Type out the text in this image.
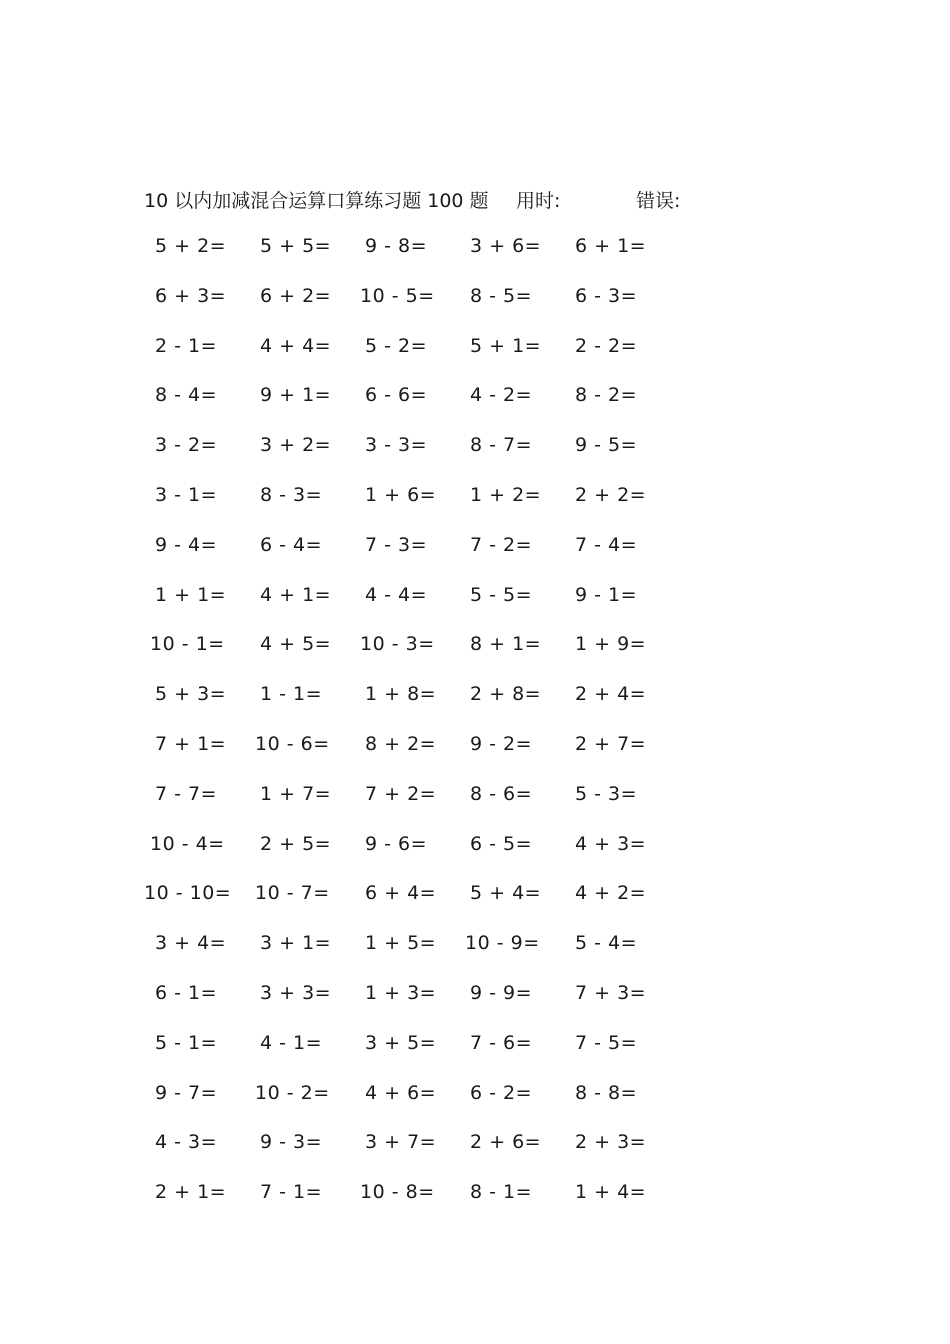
10 以内加减混合运算口算练习题 100 题 用时:	错误:
5 + 2=	5 + 5=	9 - 8=	3 + 6=	6 + 1=
6 + 3=	6 + 2=	10 - 5=	8 - 5=	6 - 3=
2 - 1=	4 + 4=	5 - 2=	5 + 1=	2 - 2=
8 - 4=	9 + 1=	6 - 6=	4 - 2=	8 - 2=
3 - 2=	3 + 2=	3 - 3=	8 - 7=	9 - 5=
3 - 1=	8 - 3=	1 + 6=	1 + 2=	2 + 2=
9 - 4=	6 - 4=	7 - 3=	7 - 2=	7 - 4=
1 + 1=	4 + 1=	4 - 4=	5 - 5=	9 - 1=
10 - 1=	4 + 5=	10 - 3=	8 + 1=	1 + 9=
5 + 3=	1 - 1=	1 + 8=	2 + 8=	2 + 4=
7 + 1=	10 - 6=	8 + 2=	9 - 2=	2 + 7=
7 - 7=	1 + 7=	7 + 2=	8 - 6=	5 - 3=
10 - 4=	2 + 5=	9 - 6=	6 - 5=	4 + 3=
10 - 10=	10 - 7=	6 + 4=	5 + 4=	4 + 2=
3 + 4=	3 + 1=	1 + 5=	10 - 9=	5 - 4=
6 - 1=	3 + 3=	1 + 3=	9 - 9=	7 + 3=
5 - 1=	4 - 1=	3 + 5=	7 - 6=	7 - 5=
9 - 7=	10 - 2=	4 + 6=	6 - 2=	8 - 8=
4 - 3=	9 - 3=	3 + 7=	2 + 6=	2 + 3=
2 + 1=	7 - 1=	10 - 8=	8 - 1=	1 + 4=
